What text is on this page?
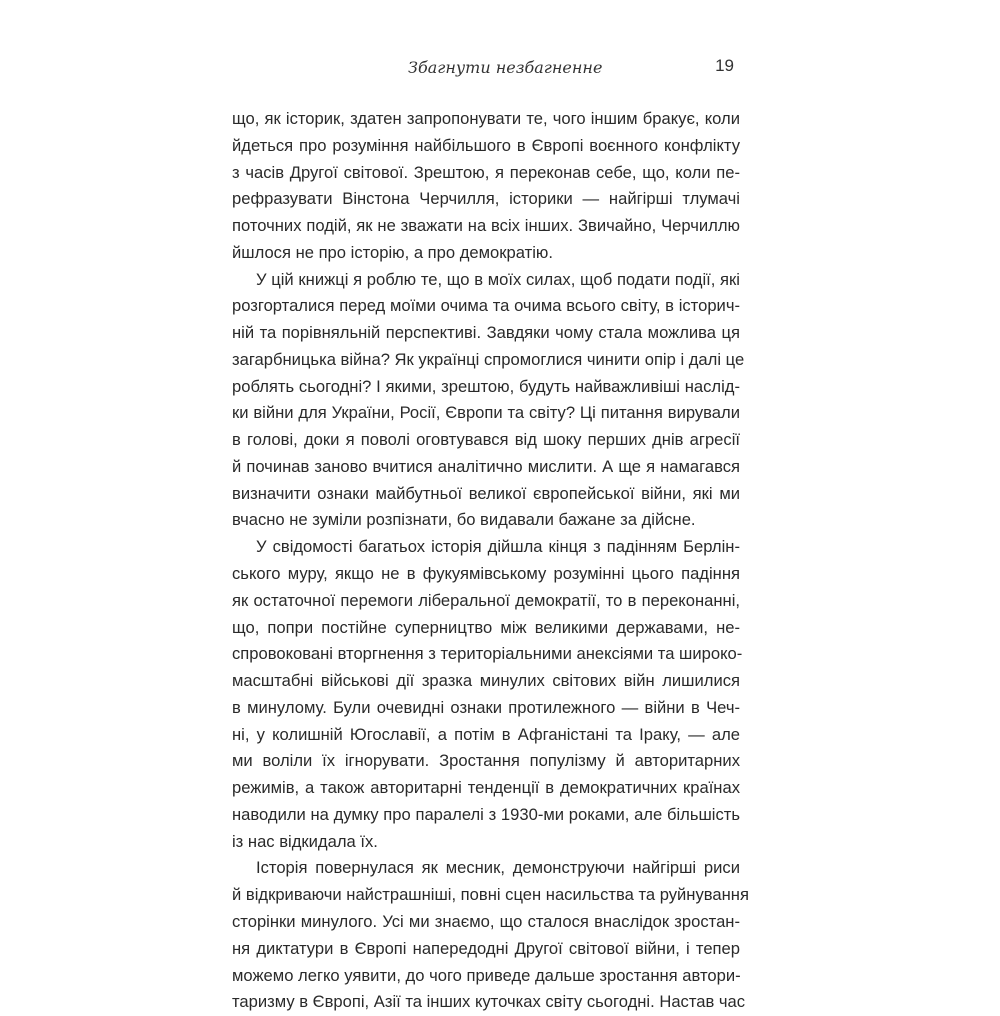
Збагнути незбагненне	19
що, як історик, здатен запропонувати те, чого іншим бракує, коли
йдеться про розуміння найбільшого в Європі воєнного конфлікту
з часів Другої світової. Зрештою, я переконав себе, що, коли пе-
рефразувати Вінстона Черчилля, історики — найгірші тлумачі
поточних подій, як не зважати на всіх інших. Звичайно, Черчиллю
йшлося не про історію, а про демократію.
У цій книжці я роблю те, що в моїх силах, щоб подати події, які
розгорталися перед моїми очима та очима всього світу, в історич-
ній та порівняльній перспективі. Завдяки чому стала можлива ця
загарбницька війна? Як українці спромоглися чинити опір і далі це
роблять сьогодні? І якими, зрештою, будуть найважливіші наслід-
ки війни для України, Росії, Європи та світу? Ці питання вирували
в голові, доки я поволі оговтувався від шоку перших днів агресії
й починав заново вчитися аналітично мислити. А ще я намагався
визначити ознаки майбутньої великої європейської війни, які ми
вчасно не зуміли розпізнати, бо видавали бажане за дійсне.
У свідомості багатьох історія дійшла кінця з падінням Берлін-
ського муру, якщо не в фукуямівському розумінні цього падіння
як остаточної перемоги ліберальної демократії, то в переконанні,
що, попри постійне суперництво між великими державами, не-
спровоковані вторгнення з територіальними анексіями та широко-
масштабні військові дії зразка минулих світових війн лишилися
в минулому. Були очевидні ознаки протилежного — війни в Чеч-
ні, у колишній Югославії, а потім в Афганістані та Іраку, — але
ми воліли їх ігнорувати. Зростання популізму й авторитарних
режимів, а також авторитарні тенденції в демократичних країнах
наводили на думку про паралелі з 1930-ми роками, але більшість
із нас відкидала їх.
Історія повернулася як месник, демонструючи найгірші риси
й відкриваючи найстрашніші, повні сцен насильства та руйнування
сторінки минулого. Усі ми знаємо, що сталося внаслідок зростан-
ня диктатури в Європі напередодні Другої світової війни, і тепер
можемо легко уявити, до чого приведе дальше зростання автори-
таризму в Європі, Азії та інших куточках світу сьогодні. Настав час
